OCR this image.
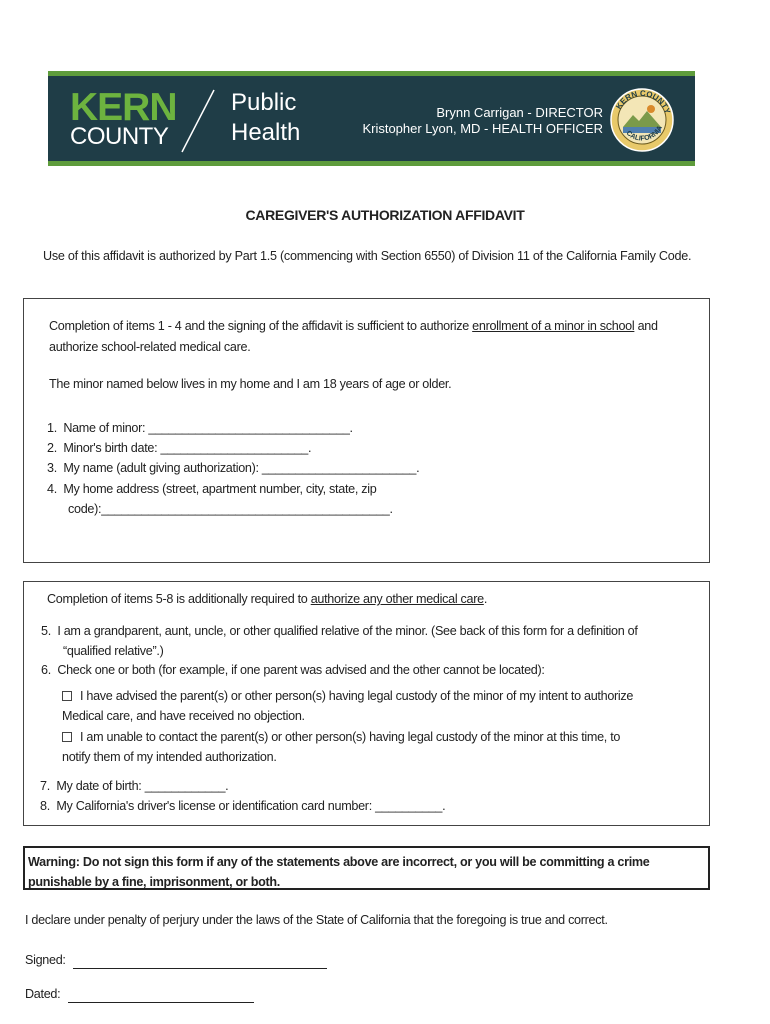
KERN
COUNTY
Public
Health
Brynn Carrigan - DIRECTOR
Kristopher Lyon, MD - HEALTH OFFICER
KERN COUNTY
CALIFORNIA
CAREGIVER'S AUTHORIZATION AFFIDAVIT
Use of this affidavit is authorized by Part 1.5 (commencing with Section 6550) of Division 11 of the California Family Code.
Completion of items 1 - 4 and the signing of the affidavit is sufficient to authorize enrollment of a minor in school and
authorize school-related medical care.
The minor named below lives in my home and I am 18 years of age or older.
1. Name of minor: ______________________________.
2. Minor's birth date: ______________________.
3. My name (adult giving authorization): _______________________.
4. My home address (street, apartment number, city, state, zip
code):___________________________________________.
Completion of items 5-8 is additionally required to authorize any other medical care.
5. I am a grandparent, aunt, uncle, or other qualified relative of the minor. (See back of this form for a definition of
“qualified relative”.)
6. Check one or both (for example, if one parent was advised and the other cannot be located):
I have advised the parent(s) or other person(s) having legal custody of the minor of my intent to authorize
Medical care, and have received no objection.
I am unable to contact the parent(s) or other person(s) having legal custody of the minor at this time, to
notify them of my intended authorization.
7. My date of birth: ____________.
8. My California's driver's license or identification card number: __________.
Warning: Do not sign this form if any of the statements above are incorrect, or you will be committing a crime
punishable by a fine, imprisonment, or both.
I declare under penalty of perjury under the laws of the State of California that the foregoing is true and correct.
Signed:
Dated:
